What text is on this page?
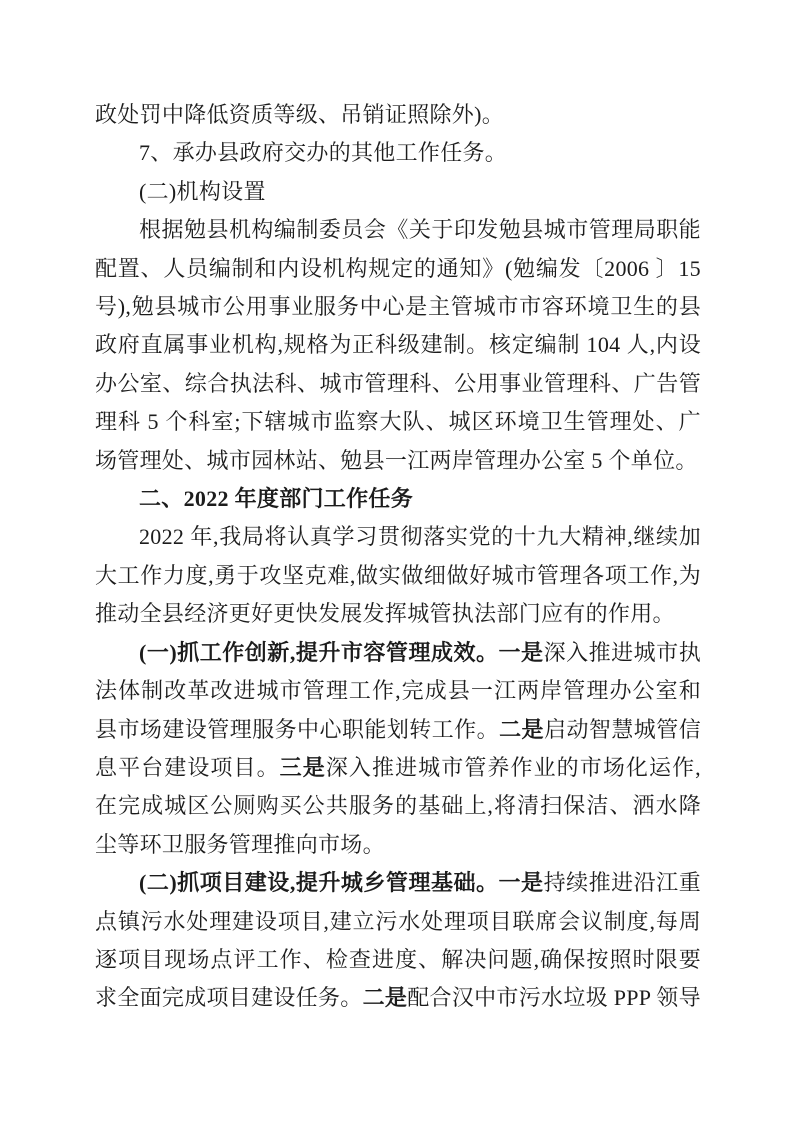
政处罚中降低资质等级、吊销证照除外)。

7、承办县政府交办的其他工作任务。

(二)机构设置

根据勉县机构编制委员会《关于印发勉县城市管理局职能配置、人员编制和内设机构规定的通知》(勉编发〔2006 〕15 号),勉县城市公用事业服务中心是主管城市市容环境卫生的县政府直属事业机构,规格为正科级建制。核定编制 104 人,内设办公室、综合执法科、城市管理科、公用事业管理科、广告管理科 5 个科室;下辖城市监察大队、城区环境卫生管理处、广场管理处、城市园林站、勉县一江两岸管理办公室 5 个单位。

二、2022 年度部门工作任务

2022 年,我局将认真学习贯彻落实党的十九大精神,继续加大工作力度,勇于攻坚克难,做实做细做好城市管理各项工作,为推动全县经济更好更快发展发挥城管执法部门应有的作用。

(一)抓工作创新,提升市容管理成效。一是深入推进城市执法体制改革改进城市管理工作,完成县一江两岸管理办公室和县市场建设管理服务中心职能划转工作。二是启动智慧城管信息平台建设项目。三是深入推进城市管养作业的市场化运作,在完成城区公厕购买公共服务的基础上,将清扫保洁、洒水降尘等环卫服务管理推向市场。

(二)抓项目建设,提升城乡管理基础。一是持续推进沿江重点镇污水处理建设项目,建立污水处理项目联席会议制度,每周逐项目现场点评工作、检查进度、解决问题,确保按照时限要求全面完成项目建设任务。二是配合汉中市污水垃圾 PPP 领导
